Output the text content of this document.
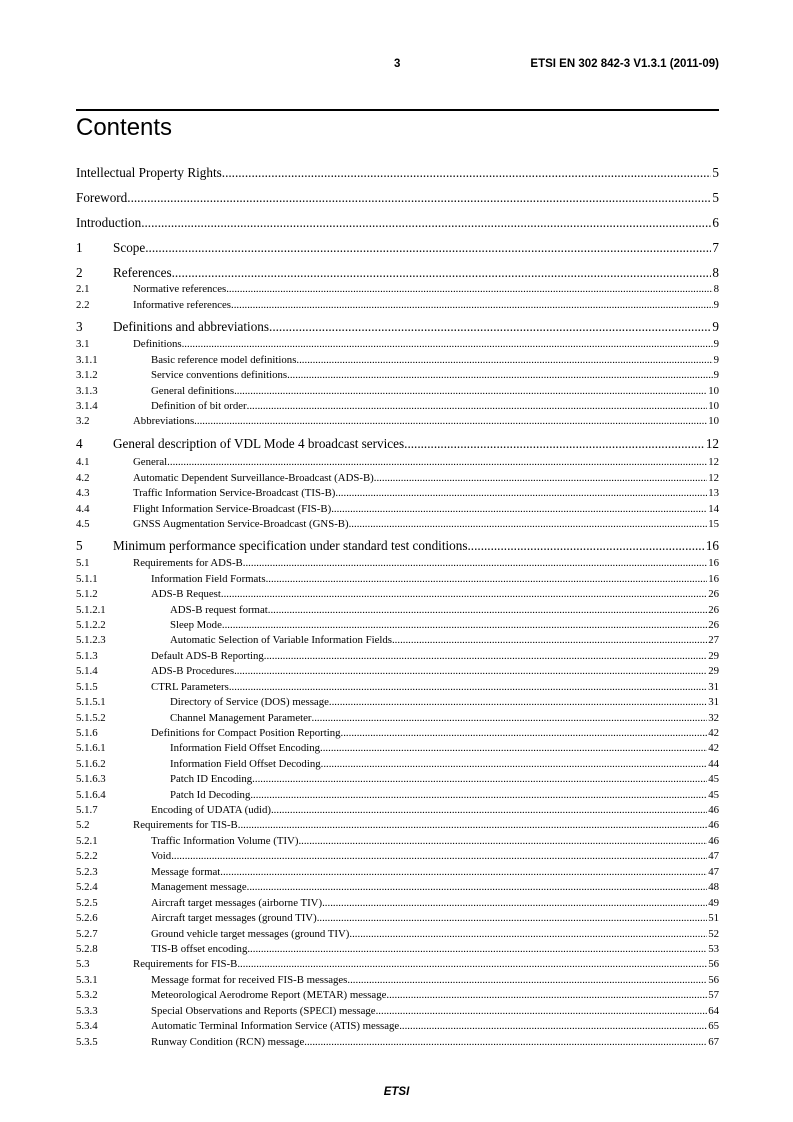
3	ETSI EN 302 842-3 V1.3.1 (2011-09)
Contents
Intellectual Property Rights .....	5
Foreword .....	5
Introduction .....	6
1 Scope .....	7
2 References .....	8
2.1	Normative references .....	8
2.2	Informative references .....	9
3 Definitions and abbreviations .....	9
3.1	Definitions .....	9
3.1.1	Basic reference model definitions .....	9
3.1.2	Service conventions definitions .....	9
3.1.3	General definitions .....	10
3.1.4	Definition of bit order .....	10
3.2	Abbreviations .....	10
4 General description of VDL Mode 4 broadcast services .....	12
4.1	General .....	12
4.2	Automatic Dependent Surveillance-Broadcast (ADS-B) .....	12
4.3	Traffic Information Service-Broadcast (TIS-B) .....	13
4.4	Flight Information Service-Broadcast (FIS-B) .....	14
4.5	GNSS Augmentation Service-Broadcast (GNS-B) .....	15
5 Minimum performance specification under standard test conditions .....	16
5.1	Requirements for ADS-B .....	16
5.1.1	Information Field Formats .....	16
5.1.2	ADS-B Request .....	26
5.1.2.1	ADS-B request format .....	26
5.1.2.2	Sleep Mode .....	26
5.1.2.3	Automatic Selection of Variable Information Fields .....	27
5.1.3	Default ADS-B Reporting .....	29
5.1.4	ADS-B Procedures .....	29
5.1.5	CTRL Parameters .....	31
5.1.5.1	Directory of Service (DOS) message .....	31
5.1.5.2	Channel Management Parameter .....	32
5.1.6	Definitions for Compact Position Reporting .....	42
5.1.6.1	Information Field Offset Encoding .....	42
5.1.6.2	Information Field Offset Decoding .....	44
5.1.6.3	Patch ID Encoding .....	45
5.1.6.4	Patch Id Decoding .....	45
5.1.7	Encoding of UDATA (udid) .....	46
5.2	Requirements for TIS-B .....	46
5.2.1	Traffic Information Volume (TIV) .....	46
5.2.2	Void .....	47
5.2.3	Message format .....	47
5.2.4	Management message .....	48
5.2.5	Aircraft target messages (airborne TIV) .....	49
5.2.6	Aircraft target messages (ground TIV) .....	51
5.2.7	Ground vehicle target messages (ground TIV) .....	52
5.2.8	TIS-B offset encoding .....	53
5.3	Requirements for FIS-B .....	56
5.3.1	Message format for received FIS-B messages .....	56
5.3.2	Meteorological Aerodrome Report (METAR) message .....	57
5.3.3	Special Observations and Reports (SPECI) message .....	64
5.3.4	Automatic Terminal Information Service (ATIS) message .....	65
5.3.5	Runway Condition (RCN) message .....	67
ETSI
